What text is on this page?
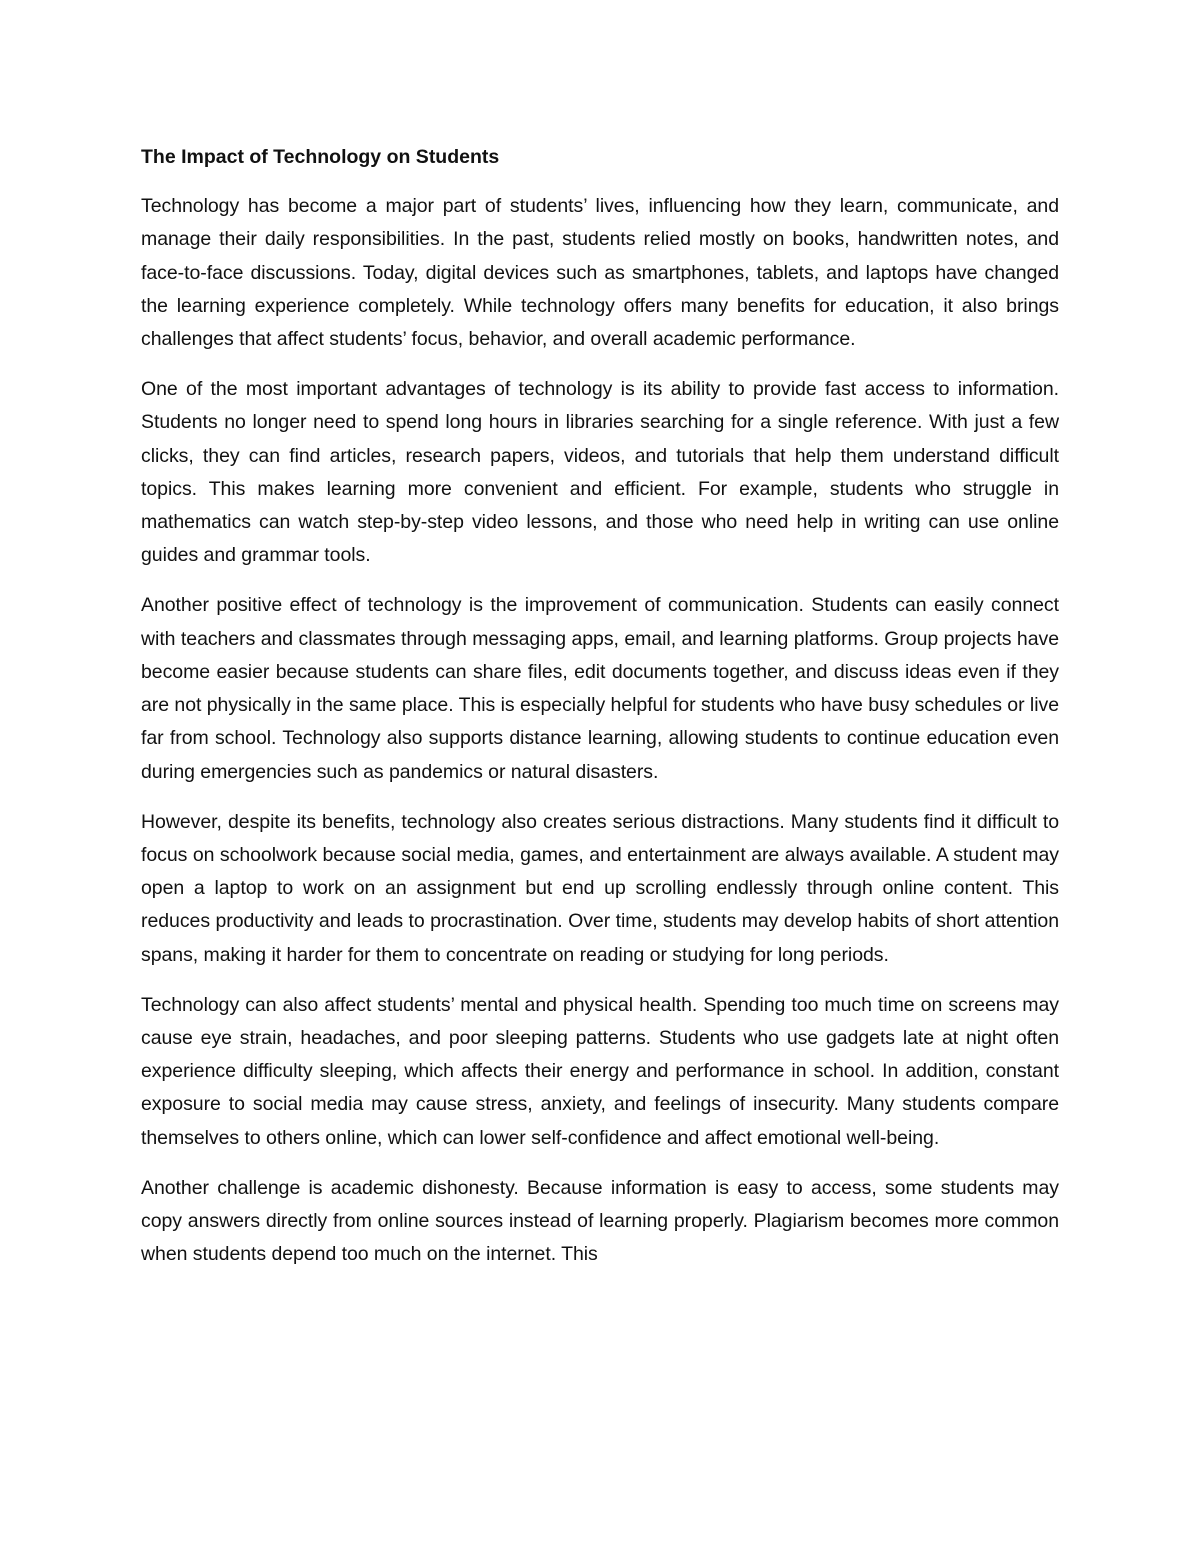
The Impact of Technology on Students

Technology has become a major part of students’ lives, influencing how they learn, communicate, and manage their daily responsibilities. In the past, students relied mostly on books, handwritten notes, and face-to-face discussions. Today, digital devices such as smartphones, tablets, and laptops have changed the learning experience completely. While technology offers many benefits for education, it also brings challenges that affect students’ focus, behavior, and overall academic performance.

One of the most important advantages of technology is its ability to provide fast access to information. Students no longer need to spend long hours in libraries searching for a single reference. With just a few clicks, they can find articles, research papers, videos, and tutorials that help them understand difficult topics. This makes learning more convenient and efficient. For example, students who struggle in mathematics can watch step-by-step video lessons, and those who need help in writing can use online guides and grammar tools.

Another positive effect of technology is the improvement of communication. Students can easily connect with teachers and classmates through messaging apps, email, and learning platforms. Group projects have become easier because students can share files, edit documents together, and discuss ideas even if they are not physically in the same place. This is especially helpful for students who have busy schedules or live far from school. Technology also supports distance learning, allowing students to continue education even during emergencies such as pandemics or natural disasters.

However, despite its benefits, technology also creates serious distractions. Many students find it difficult to focus on schoolwork because social media, games, and entertainment are always available. A student may open a laptop to work on an assignment but end up scrolling endlessly through online content. This reduces productivity and leads to procrastination. Over time, students may develop habits of short attention spans, making it harder for them to concentrate on reading or studying for long periods.

Technology can also affect students’ mental and physical health. Spending too much time on screens may cause eye strain, headaches, and poor sleeping patterns. Students who use gadgets late at night often experience difficulty sleeping, which affects their energy and performance in school. In addition, constant exposure to social media may cause stress, anxiety, and feelings of insecurity. Many students compare themselves to others online, which can lower self-confidence and affect emotional well-being.

Another challenge is academic dishonesty. Because information is easy to access, some students may copy answers directly from online sources instead of learning properly. Plagiarism becomes more common when students depend too much on the internet. This
